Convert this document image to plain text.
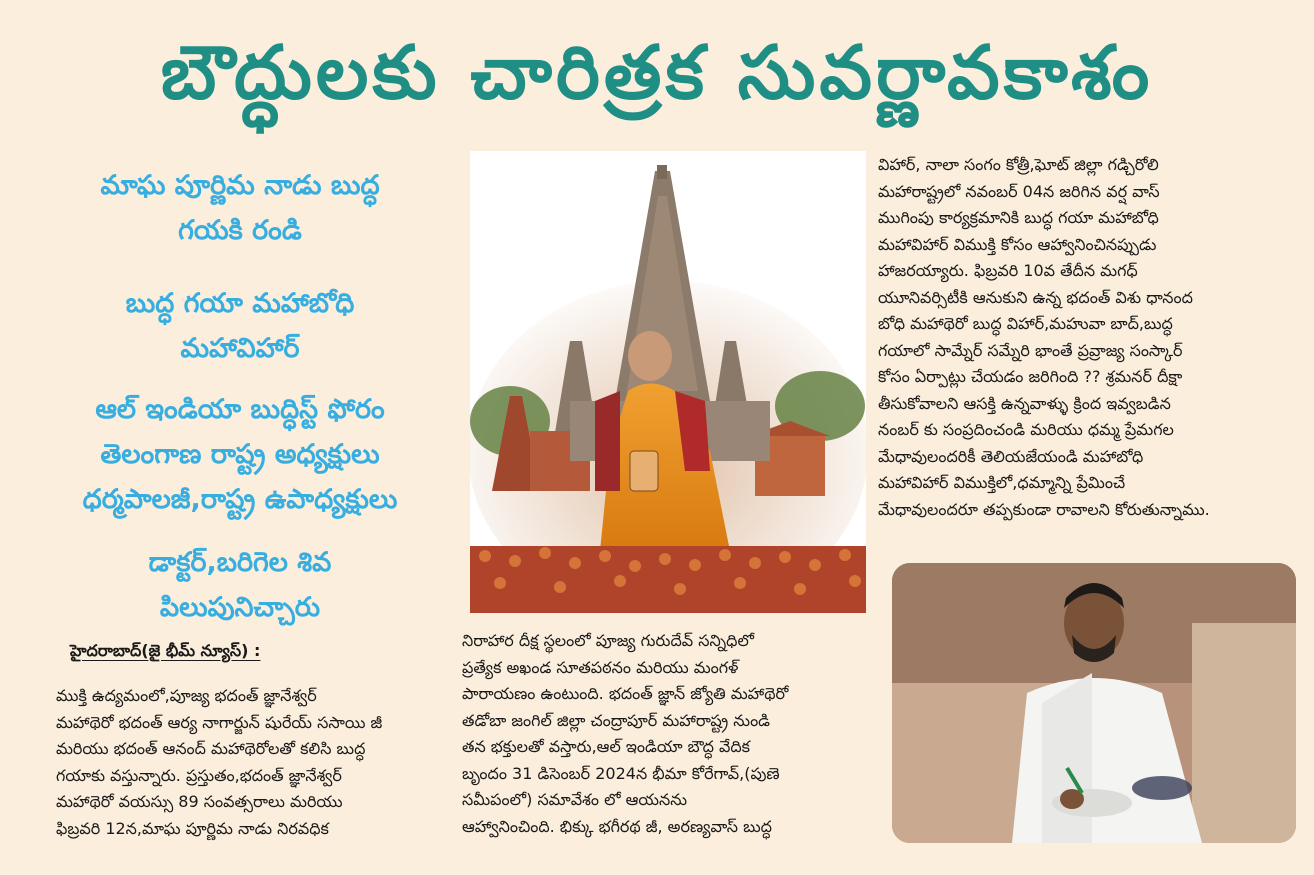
బౌద్ధులకు చారిత్రక సువర్ణావకాశం
మాఘ పూర్ణిమ నాడు బుద్ధ
గయకి రండి
బుద్ధ గయా మహాబోధి
మహావిహార్
ఆల్ ఇండియా బుద్ధిస్ట్ ఫోరం
తెలంగాణ రాష్ట్ర అధ్యక్షులు
ధర్మపాలజీ,రాష్ట్ర ఉపాధ్యక్షులు
డాక్టర్,బరిగెల శివ
పిలుపునిచ్చారు
హైదరాబాద్(జై భీమ్ న్యూస్) :
ముక్తి ఉద్యమంలో,పూజ్య భదంత్ జ్ఞానేశ్వర్
మహాథెరో భదంత్ ఆర్య నాగార్జున్ షురేయ్ ససాయి జీ
మరియు భదంత్ ఆనంద్ మహాథెరోలతో కలిసి బుద్ధ
గయాకు వస్తున్నారు. ప్రస్తుతం,భదంత్ జ్ఞానేశ్వర్
మహాథెరో వయస్సు 89 సంవత్సరాలు మరియు
ఫిబ్రవరి 12న,మాఘ పూర్ణిమ నాడు నిరవధిక
నిరాహార దీక్ష స్థలంలో పూజ్య గురుదేవ్ సన్నిధిలో
ప్రత్యేక అఖండ సూతపఠనం మరియు మంగళ్
పారాయణం ఉంటుంది. భదంత్ జ్ఞాన్ జ్యోతి మహాథెరో
తడోబా జంగిల్ జిల్లా చంద్రాపూర్ మహారాష్ట్ర నుండి
తన భక్తులతో వస్తారు,ఆల్ ఇండియా బౌద్ధ వేదిక
బృందం 31 డిసెంబర్ 2024న భీమా కోరేగావ్,(పుణె
సమీపంలో) సమావేశం లో ఆయనను
ఆహ్వానించింది. భిక్కు భగీరథ జీ, అరణ్యవాస్ బుద్ధ
విహార్, నాలా సంగం కోత్రీ,ఘోట్ జిల్లా గడ్చిరోలి
మహారాష్ట్రలో నవంబర్ 04న జరిగిన వర్ష వాస్
ముగింపు కార్యక్రమానికి బుద్ధ గయా మహాబోధి
మహావిహార్ విముక్తి కోసం ఆహ్వానించినప్పుడు
హాజరయ్యారు. ఫిబ్రవరి 10వ తేదీన మగధ్
యూనివర్సిటీకి ఆనుకుని ఉన్న భదంత్ విశు ధానంద
బోధి మహాథెరో బుద్ధ విహార్,మహువా బాద్,బుద్ధ
గయాలో సామ్నేర్ సమ్నేరి భాంతే ప్రవ్రాజ్య సంస్కార్
కోసం ఏర్పాట్లు చేయడం జరిగింది ?? శ్రమనర్ దీక్షా
తీసుకోవాలని ఆసక్తి ఉన్నవాళ్ళు క్రింద ఇవ్వబడిన
నంబర్ కు సంప్రదించండి మరియు ధమ్మ ప్రేమగల
మేధావులందరికీ తెలియజేయండి మహాబోధి
మహావిహార్ విముక్తిలో,ధమ్మాన్ని ప్రేమించే
మేధావులందరూ తప్పకుండా రావాలని కోరుతున్నాము.
